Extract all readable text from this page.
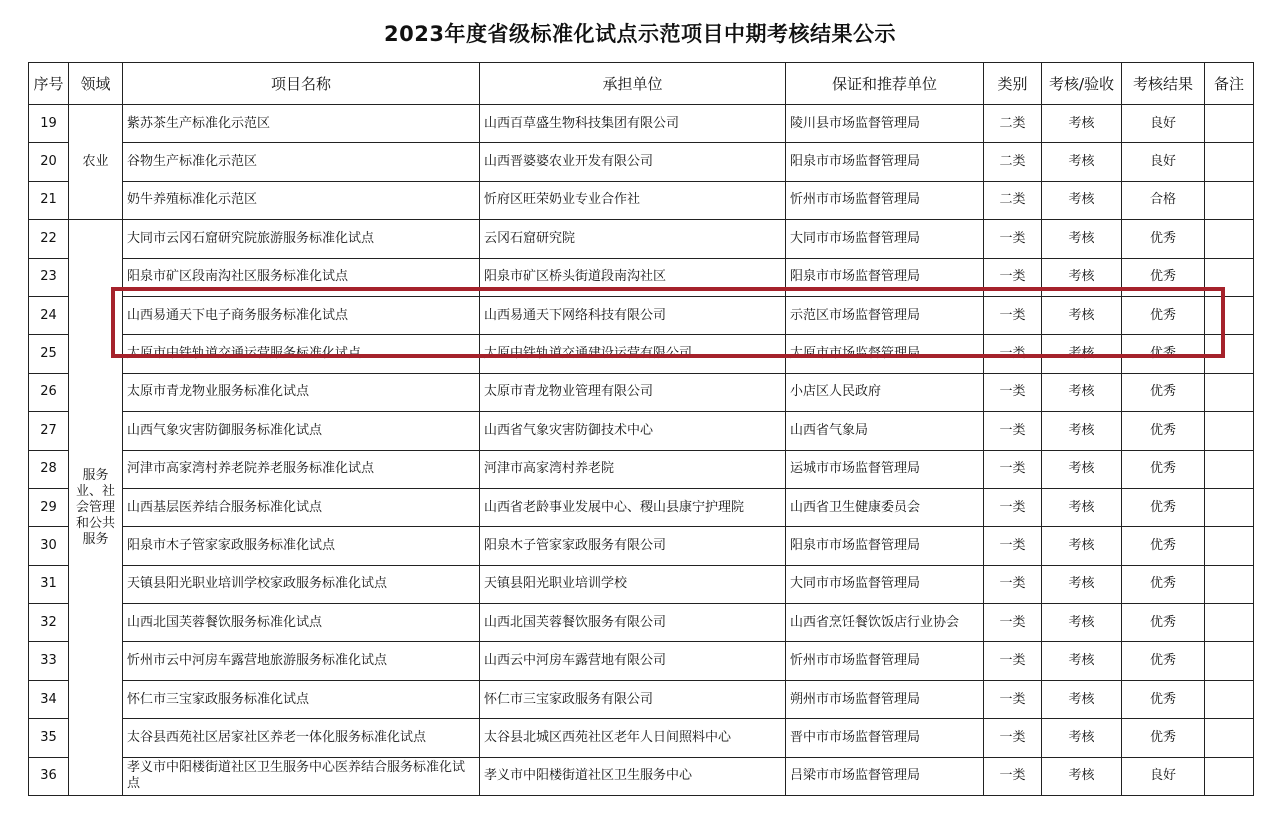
2023年度省级标准化试点示范项目中期考核结果公示
序号	领域	项目名称	承担单位	保证和推荐单位	类别	考核/验收	考核结果	备注
19	农业	紫苏茶生产标准化示范区	山西百草盛生物科技集团有限公司	陵川县市场监督管理局	二类	考核	良好	
20		谷物生产标准化示范区	山西晋婆婆农业开发有限公司	阳泉市市场监督管理局	二类	考核	良好	
21		奶牛养殖标准化示范区	忻府区旺荣奶业专业合作社	忻州市市场监督管理局	二类	考核	合格	
22	服务业、社会管理和公共服务	大同市云冈石窟研究院旅游服务标准化试点	云冈石窟研究院	大同市市场监督管理局	一类	考核	优秀	
23		阳泉市矿区段南沟社区服务标准化试点	阳泉市矿区桥头街道段南沟社区	阳泉市市场监督管理局	一类	考核	优秀	
24		山西易通天下电子商务服务标准化试点	山西易通天下网络科技有限公司	示范区市场监督管理局	一类	考核	优秀	
25		太原市中铁轨道交通运营服务标准化试点	太原中铁轨道交通建设运营有限公司	太原市市场监督管理局	一类	考核	优秀	
26		太原市青龙物业服务标准化试点	太原市青龙物业管理有限公司	小店区人民政府	一类	考核	优秀	
27		山西气象灾害防御服务标准化试点	山西省气象灾害防御技术中心	山西省气象局	一类	考核	优秀	
28		河津市高家湾村养老院养老服务标准化试点	河津市高家湾村养老院	运城市市场监督管理局	一类	考核	优秀	
29		山西基层医养结合服务标准化试点	山西省老龄事业发展中心、稷山县康宁护理院	山西省卫生健康委员会	一类	考核	优秀	
30		阳泉市木子管家家政服务标准化试点	阳泉木子管家家政服务有限公司	阳泉市市场监督管理局	一类	考核	优秀	
31		天镇县阳光职业培训学校家政服务标准化试点	天镇县阳光职业培训学校	大同市市场监督管理局	一类	考核	优秀	
32		山西北国芙蓉餐饮服务标准化试点	山西北国芙蓉餐饮服务有限公司	山西省烹饪餐饮饭店行业协会	一类	考核	优秀	
33		忻州市云中河房车露营地旅游服务标准化试点	山西云中河房车露营地有限公司	忻州市市场监督管理局	一类	考核	优秀	
34		怀仁市三宝家政服务标准化试点	怀仁市三宝家政服务有限公司	朔州市市场监督管理局	一类	考核	优秀	
35		太谷县西苑社区居家社区养老一体化服务标准化试点	太谷县北城区西苑社区老年人日间照料中心	晋中市市场监督管理局	一类	考核	优秀	
36		孝义市中阳楼街道社区卫生服务中心医养结合服务标准化试点	孝义市中阳楼街道社区卫生服务中心	吕梁市市场监督管理局	一类	考核	良好	
